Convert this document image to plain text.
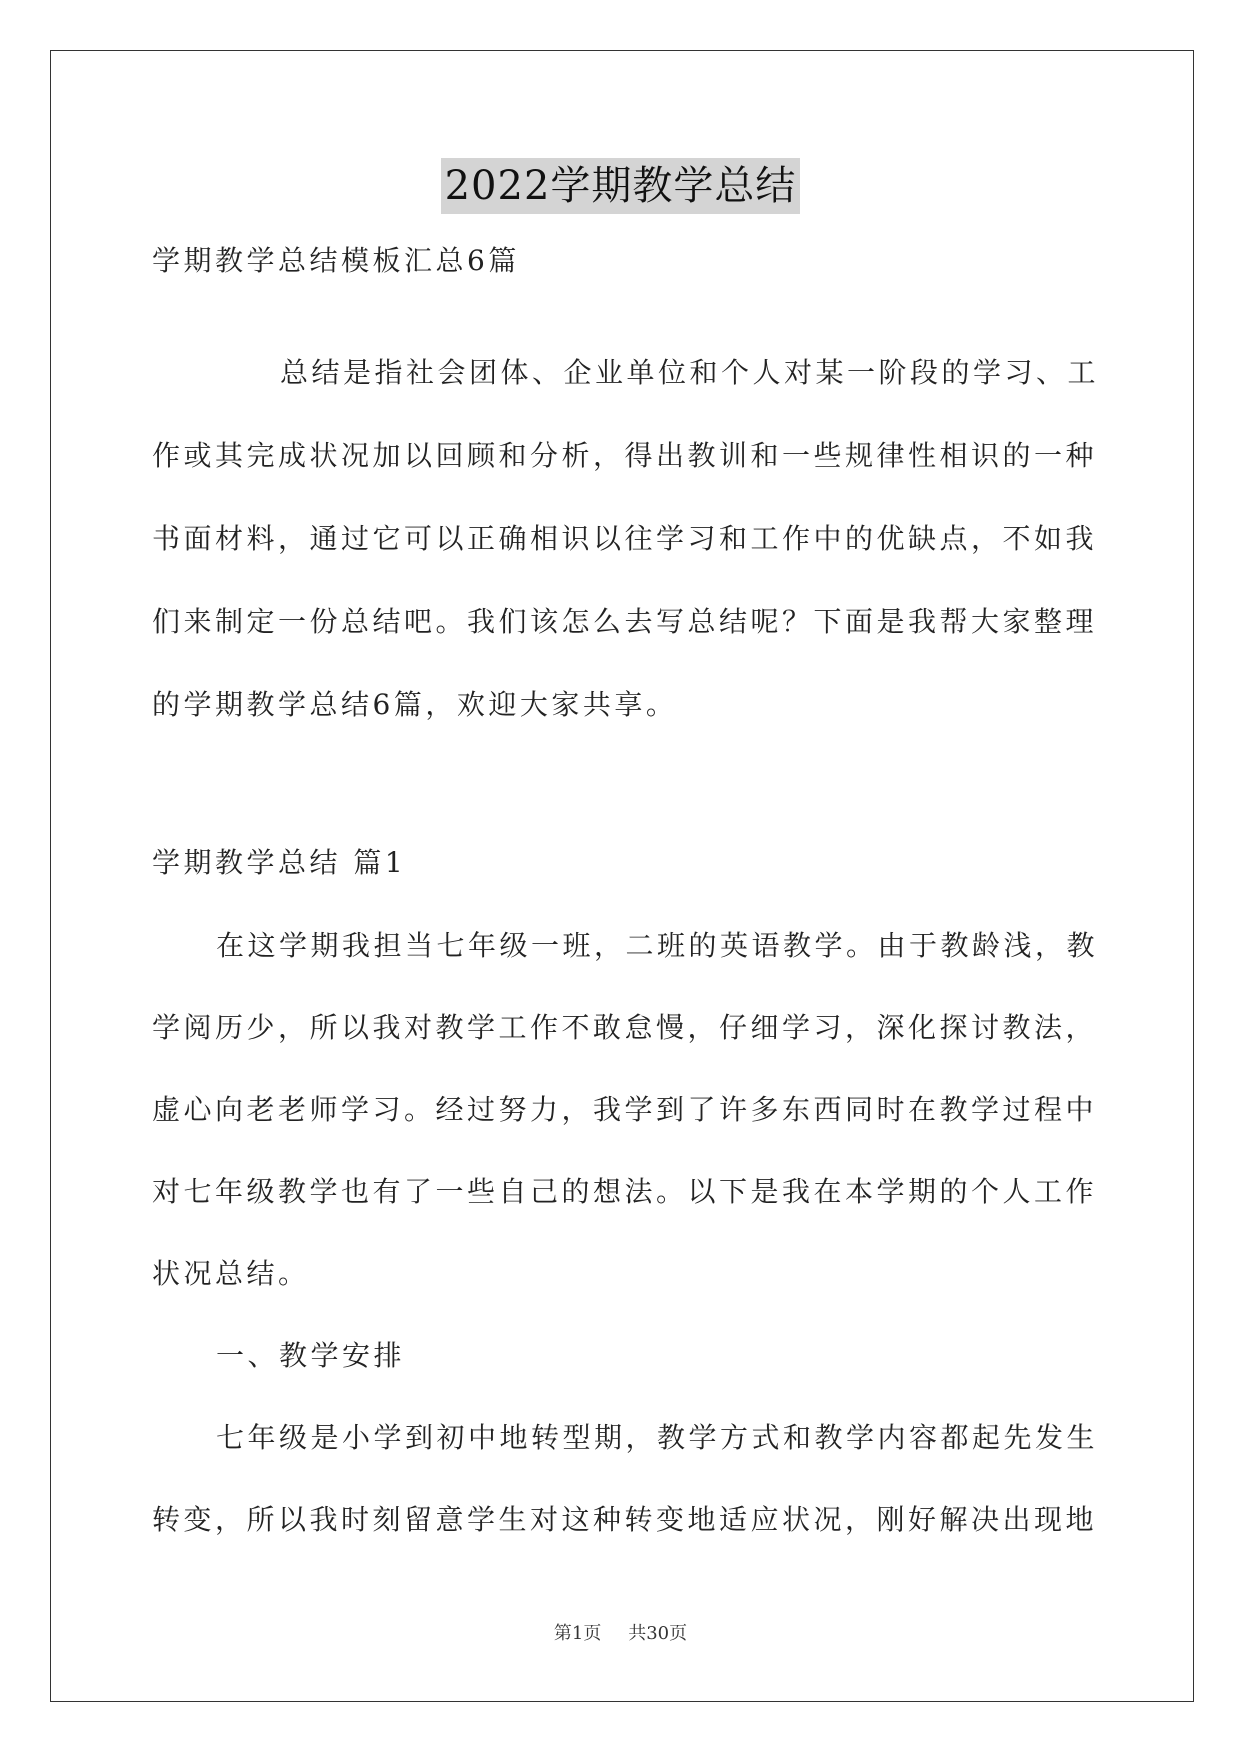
2022学期教学总结
学期教学总结模板汇总6篇
总结是指社会团体、企业单位和个人对某一阶段的学习、工
作或其完成状况加以回顾和分析，得出教训和一些规律性相识的一种
书面材料，通过它可以正确相识以往学习和工作中的优缺点，不如我
们来制定一份总结吧。我们该怎么去写总结呢？下面是我帮大家整理
的学期教学总结6篇，欢迎大家共享。
学期教学总结 篇1
在这学期我担当七年级一班，二班的英语教学。由于教龄浅，教
学阅历少，所以我对教学工作不敢怠慢，仔细学习，深化探讨教法，
虚心向老老师学习。经过努力，我学到了许多东西同时在教学过程中
对七年级教学也有了一些自己的想法。以下是我在本学期的个人工作
状况总结。
一、教学安排
七年级是小学到初中地转型期，教学方式和教学内容都起先发生
转变，所以我时刻留意学生对这种转变地适应状况，刚好解决出现地
第1页 共30页
